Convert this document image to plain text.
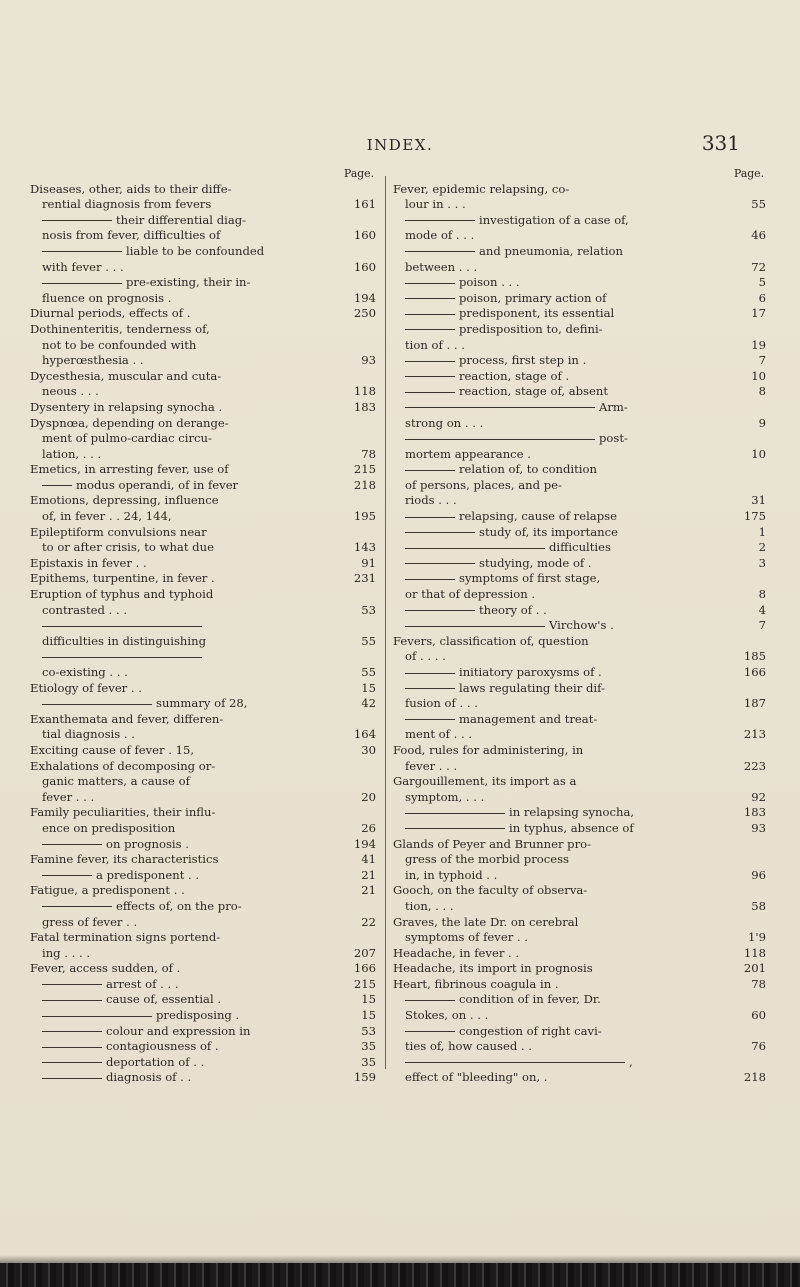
INDEX.	331
Page.
Diseases, other, aids to their diffe-
rential diagnosis from fevers	161
their differential diag-
nosis from fever, difficulties of	160
liable to be confounded
with fever . . .	160
pre-existing, their in-
fluence on prognosis .	194
Diurnal periods, effects of .	250
Dothinenteritis, tenderness of,
not to be confounded with
hyperœsthesia . .	93
Dycesthesia, muscular and cuta-
neous . . .	118
Dysentery in relapsing synocha .	183
Dyspnœa, depending on derange-
ment of pulmo-cardiac circu-
lation, . . .	78
Emetics, in arresting fever, use of	215
modus operandi, of in fever	218
Emotions, depressing, influence
of, in fever . . 24, 144,	195
Epileptiform convulsions near
to or after crisis, to what due	143
Epistaxis in fever . .	91
Epithems, turpentine, in fever .	231
Eruption of typhus and typhoid
contrasted . . .	53
difficulties in distinguishing	55
co-existing . . .	55
Etiology of fever . .	15
summary of 28,	42
Exanthemata and fever, differen-
tial diagnosis . .	164
Exciting cause of fever . 15,	30
Exhalations of decomposing or-
ganic matters, a cause of
fever . . .	20
Family peculiarities, their influ-
ence on predisposition	26
on prognosis .	194
Famine fever, its characteristics	41
a predisponent . .	21
Fatigue, a predisponent . .	21
effects of, on the pro-
gress of fever . .	22
Fatal termination signs portend-
ing . . . .	207
Fever, access sudden, of .	166
arrest of . . .	215
cause of, essential .	15
predisposing .	15
colour and expression in	53
contagiousness of .	35
deportation of . .	35
diagnosis of . .	159
Page.
Fever, epidemic relapsing, co-
lour in . . .	55
investigation of a case of,
mode of . . .	46
and pneumonia, relation
between . . .	72
poison . . .	5
poison, primary action of	6
predisponent, its essential	17
predisposition to, defini-
tion of . . .	19
process, first step in .	7
reaction, stage of .	10
reaction, stage of, absent	8
Arm-
strong on . . .	9
post-
mortem appearance .	10
relation of, to condition
of persons, places, and pe-
riods . . .	31
relapsing, cause of relapse	175
study of, its importance	1
difficulties	2
studying, mode of .	3
symptoms of first stage,
or that of depression .	8
theory of . .	4
Virchow's .	7
Fevers, classification of, question
of . . . .	185
initiatory paroxysms of .	166
laws regulating their dif-
fusion of . . .	187
management and treat-
ment of . . .	213
Food, rules for administering, in
fever . . .	223
Gargouillement, its import as a
symptom, . . .	92
in relapsing synocha,	183
in typhus, absence of	93
Glands of Peyer and Brunner pro-
gress of the morbid process
in, in typhoid . .	96
Gooch, on the faculty of observa-
tion, . . .	58
Graves, the late Dr. on cerebral
symptoms of fever . .	1'9
Headache, in fever . .	118
Headache, its import in prognosis	201
Heart, fibrinous coagula in .	78
condition of in fever, Dr.
Stokes, on . . .	60
congestion of right cavi-
ties of, how caused . .	76
,
effect of "bleeding" on, .	218
